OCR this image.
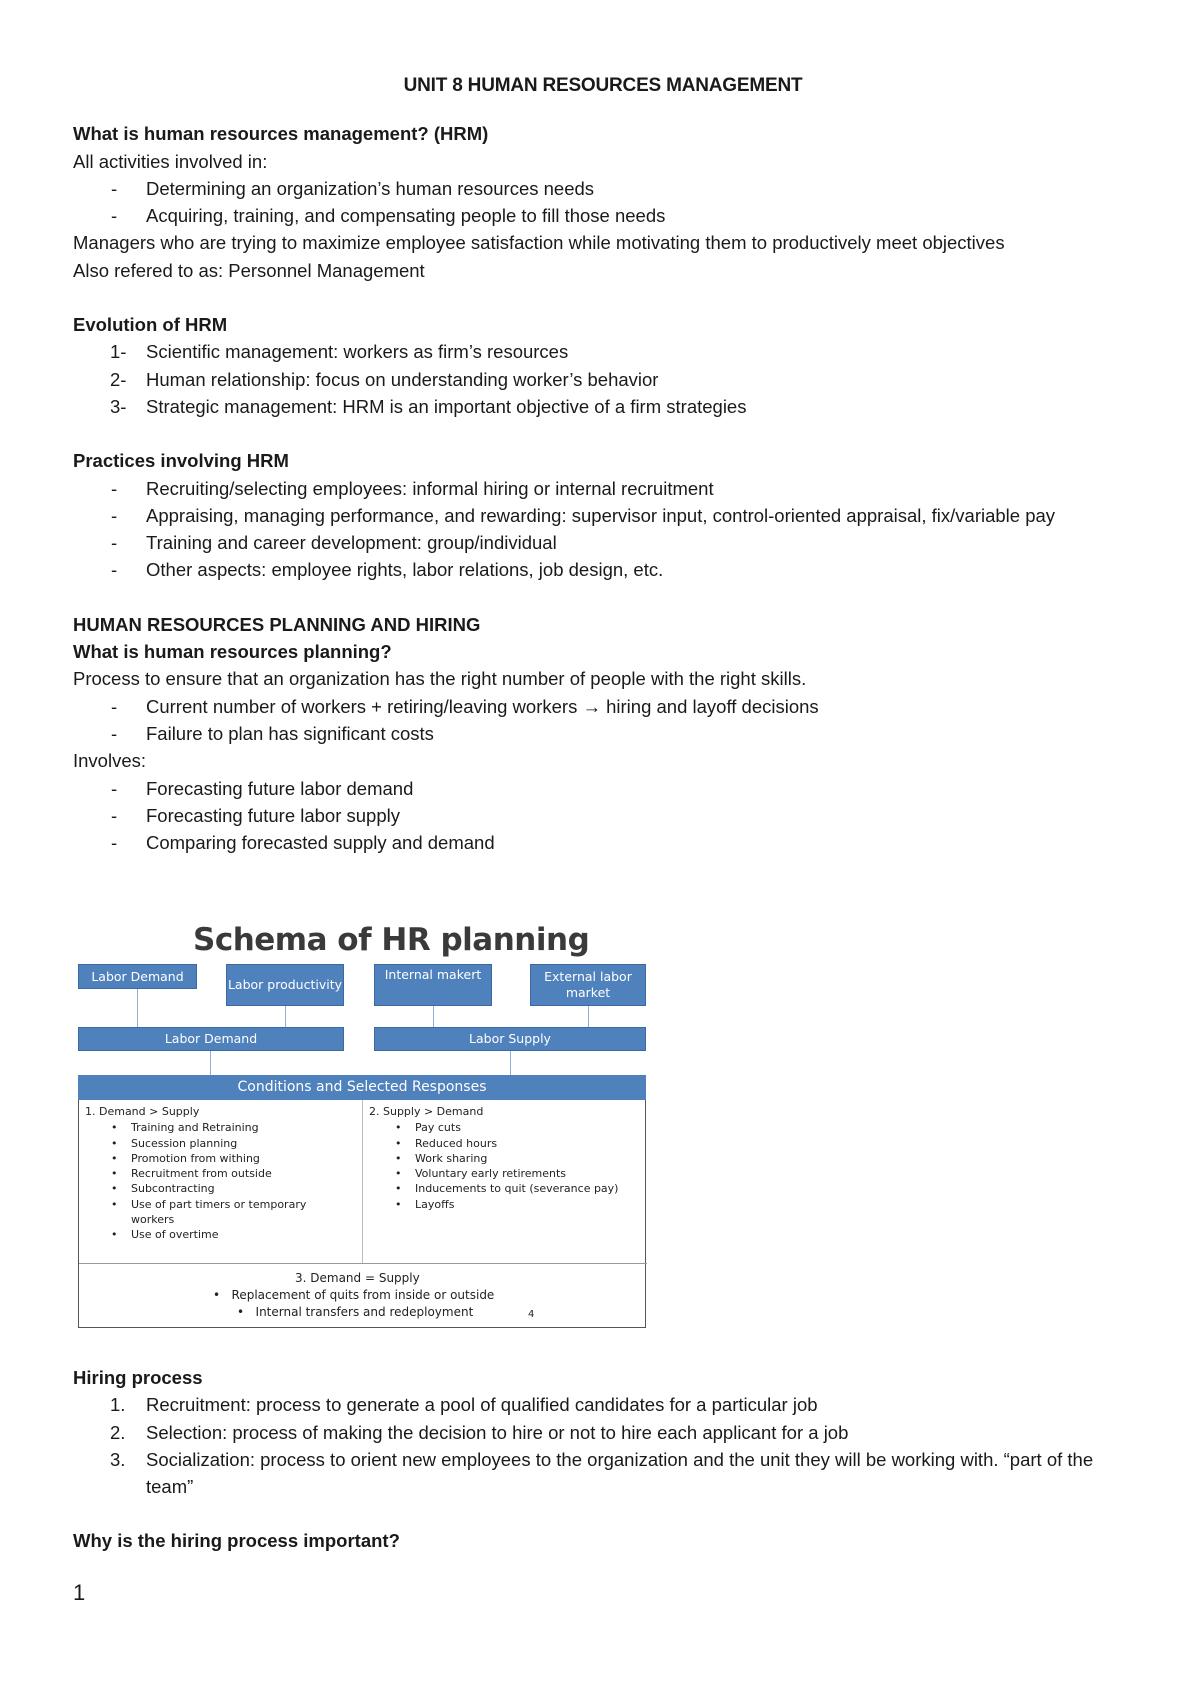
UNIT 8 HUMAN RESOURCES MANAGEMENT
What is human resources management? (HRM)
All activities involved in:
- Determining an organization’s human resources needs
- Acquiring, training, and compensating people to fill those needs
Managers who are trying to maximize employee satisfaction while motivating them to productively meet objectives
Also refered to as: Personnel Management
Evolution of HRM
1- Scientific management: workers as firm’s resources
2- Human relationship: focus on understanding worker’s behavior
3- Strategic management: HRM is an important objective of a firm strategies
Practices involving HRM
- Recruiting/selecting employees: informal hiring or internal recruitment
- Appraising, managing performance, and rewarding: supervisor input, control-oriented appraisal, fix/variable pay
- Training and career development: group/individual
- Other aspects: employee rights, labor relations, job design, etc.
HUMAN RESOURCES PLANNING AND HIRING
What is human resources planning?
Process to ensure that an organization has the right number of people with the right skills.
- Current number of workers + retiring/leaving workers → hiring and layoff decisions
- Failure to plan has significant costs
Involves:
- Forecasting future labor demand
- Forecasting future labor supply
- Comparing forecasted supply and demand
Schema of HR planning
Labor Demand
Labor productivity
Internal makert	External labor market
Labor Demand	Labor Supply
Conditions and Selected Responses
1. Demand > Supply
• Training and Retraining
• Sucession planning
• Promotion from withing
• Recruitment from outside
• Subcontracting
• Use of part timers or temporary workers
• Use of overtime
2. Supply > Demand
• Pay cuts
• Reduced hours
• Work sharing
• Voluntary early retirements
• Inducements to quit (severance pay)
• Layoffs
3. Demand = Supply
•   Replacement of quits from inside or outside
•   Internal transfers and redeployment	4
Hiring process
1. Recruitment: process to generate a pool of qualified candidates for a particular job
2. Selection: process of making the decision to hire or not to hire each applicant for a job
3. Socialization: process to orient new employees to the organization and the unit they will be working with. “part of the team”
Why is the hiring process important?
1
